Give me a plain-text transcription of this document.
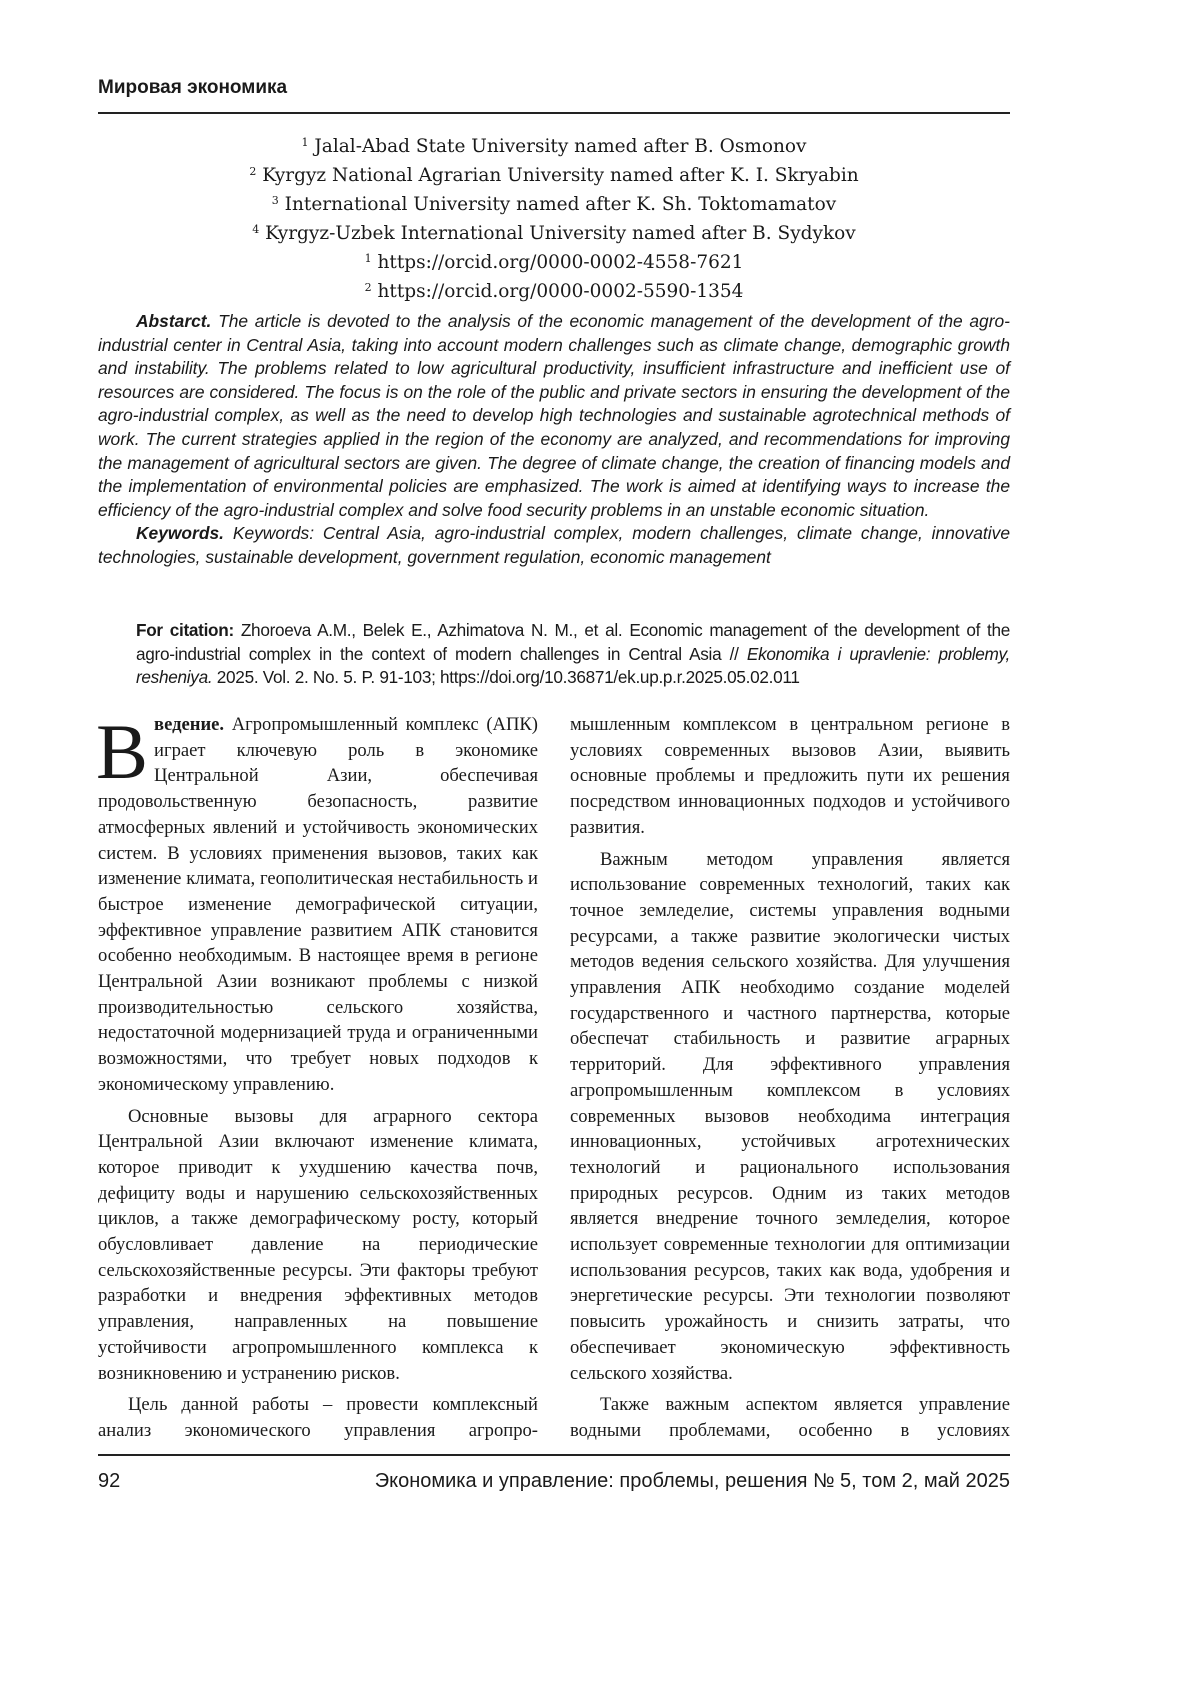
Мировая экономика
1 Jalal-Abad State University named after B. Osmonov
2 Kyrgyz National Agrarian University named after K. I. Skryabin
3 International University named after K. Sh. Toktomamatov
4 Kyrgyz-Uzbek International University named after B. Sydykov
1 https://orcid.org/0000-0002-4558-7621
2 https://orcid.org/0000-0002-5590-1354

Abstarct. The article is devoted to the analysis of the economic management of the development of the agro-industrial center in Central Asia, taking into account modern challenges such as climate change, demographic growth and instability. The problems related to low agricultural productivity, insufficient infrastructure and inefficient use of resources are considered. The focus is on the role of the public and private sectors in ensuring the development of the agro-industrial complex, as well as the need to develop high technologies and sustainable agrotechnical methods of work. The current strategies applied in the region of the economy are analyzed, and recommendations for improving the management of agricultural sectors are given. The degree of climate change, the creation of financing models and the implementation of environmental policies are emphasized. The work is aimed at identifying ways to increase the efficiency of the agro-industrial complex and solve food security problems in an unstable economic situation.

Keywords. Keywords: Central Asia, agro-industrial complex, modern challenges, climate change, innovative technologies, sustainable development, government regulation, economic management

For citation: Zhoroeva A.M., Belek E., Azhimatova N. M., et al. Economic management of the development of the agro-industrial complex in the context of modern challenges in Central Asia // Ekonomika i upravlenie: problemy, resheniya. 2025. Vol. 2. No. 5. P. 91-103; https://doi.org/10.36871/ek.up.p.r.2025.05.02.011

В ведение. Агропромышленный комплекс (АПК) играет ключевую роль в экономике Центральной Азии, обеспечивая продовольственную безопасность, развитие атмосферных явлений и устойчивость экономических систем. В условиях применения вызовов, таких как изменение климата, геополитическая нестабильность и быстрое изменение демографической ситуации, эффективное управление развитием АПК становится особенно необходимым. В настоящее время в регионе Центральной Азии возникают проблемы с низкой производительностью сельского хозяйства, недостаточной модернизацией труда и ограниченными возможностями, что требует новых подходов к экономическому управлению.

Основные вызовы для аграрного сектора Центральной Азии включают изменение климата, которое приводит к ухудшению качества почв, дефициту воды и нарушению сельскохозяйственных циклов, а также демографическому росту, который обусловливает давление на периодические сельскохозяйственные ресурсы. Эти факторы требуют разработки и внедрения эффективных методов управления, направленных на повышение устойчивости агропромышленного комплекса к возникновению и устранению рисков.

Цель данной работы – провести комплексный анализ экономического управления агропро-

мышленным комплексом в центральном регионе в условиях современных вызовов Азии, выявить основные проблемы и предложить пути их решения посредством инновационных подходов и устойчивого развития.

Важным методом управления является использование современных технологий, таких как точное земледелие, системы управления водными ресурсами, а также развитие экологически чистых методов ведения сельского хозяйства. Для улучшения управления АПК необходимо создание моделей государственного и частного партнерства, которые обеспечат стабильность и развитие аграрных территорий. Для эффективного управления агропромышленным комплексом в условиях современных вызовов необходима интеграция инновационных, устойчивых агротехнических технологий и рационального использования природных ресурсов. Одним из таких методов является внедрение точного земледелия, которое использует современные технологии для оптимизации использования ресурсов, таких как вода, удобрения и энергетические ресурсы. Эти технологии позволяют повысить урожайность и снизить затраты, что обеспечивает экономическую эффективность сельского хозяйства.

Также важным аспектом является управление водными проблемами, особенно в условиях

92	Экономика и управление: проблемы, решения № 5, том 2, май 2025
